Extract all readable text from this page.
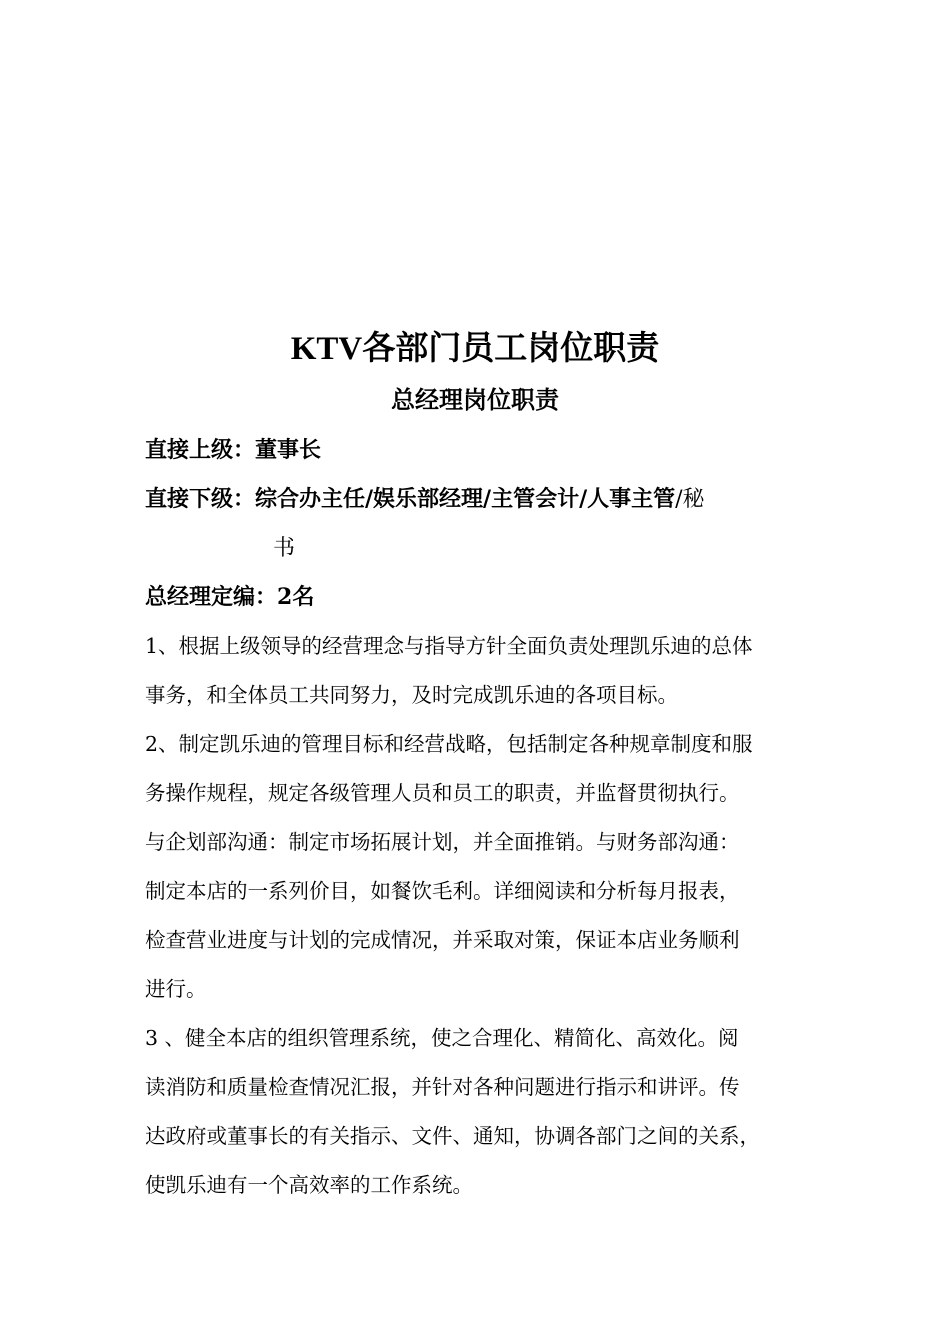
KTV各部门员工岗位职责
总经理岗位职责
直接上级：董事长
直接下级：综合办主任/娱乐部经理/主管会计/人事主管/秘
书
总经理定编：2名
1、根据上级领导的经营理念与指导方针全面负责处理凯乐迪的总体
事务，和全体员工共同努力，及时完成凯乐迪的各项目标。
2、制定凯乐迪的管理目标和经营战略，包括制定各种规章制度和服
务操作规程，规定各级管理人员和员工的职责，并监督贯彻执行。
与企划部沟通：制定市场拓展计划，并全面推销。与财务部沟通：
制定本店的一系列价目，如餐饮毛利。详细阅读和分析每月报表，
检查营业进度与计划的完成情况，并采取对策，保证本店业务顺利
进行。
3 、健全本店的组织管理系统，使之合理化、精简化、高效化。阅
读消防和质量检查情况汇报，并针对各种问题进行指示和讲评。传
达政府或董事长的有关指示、文件、通知，协调各部门之间的关系，
使凯乐迪有一个高效率的工作系统。
